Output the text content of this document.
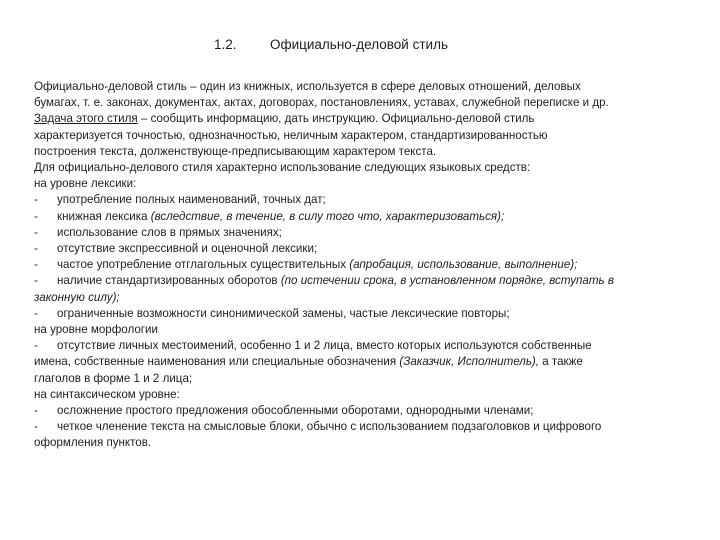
1.2. Официально-деловой стиль
Официально-деловой стиль – один из книжных, используется в сфере деловых отношений, деловых
бумагах, т. е. законах, документах, актах, договорах, постановлениях, уставах, служебной переписке и др.
Задача этого стиля – сообщить информацию, дать инструкцию. Официально-деловой стиль
характеризуется точностью, однозначностью, неличным характером, стандартизированностью
построения текста, долженствующе-предписывающим характером текста.
Для официально-делового стиля характерно использование следующих языковых средств:
на уровне лексики:
- употребление полных наименований, точных дат;
- книжная лексика (вследствие, в течение, в силу того что, характеризоваться);
- использование слов в прямых значениях;
- отсутствие экспрессивной и оценочной лексики;
- частое употребление отглагольных существительных (апробация, использование, выполнение);
- наличие стандартизированных оборотов (по истечении срока, в установленном порядке, вступать в
законную силу);
- ограниченные возможности синонимической замены, частые лексические повторы;
на уровне морфологии
- отсутствие личных местоимений, особенно 1 и 2 лица, вместо которых используются собственные
имена, собственные наименования или специальные обозначения (Заказчик, Исполнитель), а также
глаголов в форме 1 и 2 лица;
на синтаксическом уровне:
- осложнение простого предложения обособленными оборотами, однородными членами;
- четкое членение текста на смысловые блоки, обычно с использованием подзаголовков и цифрового
оформления пунктов.
